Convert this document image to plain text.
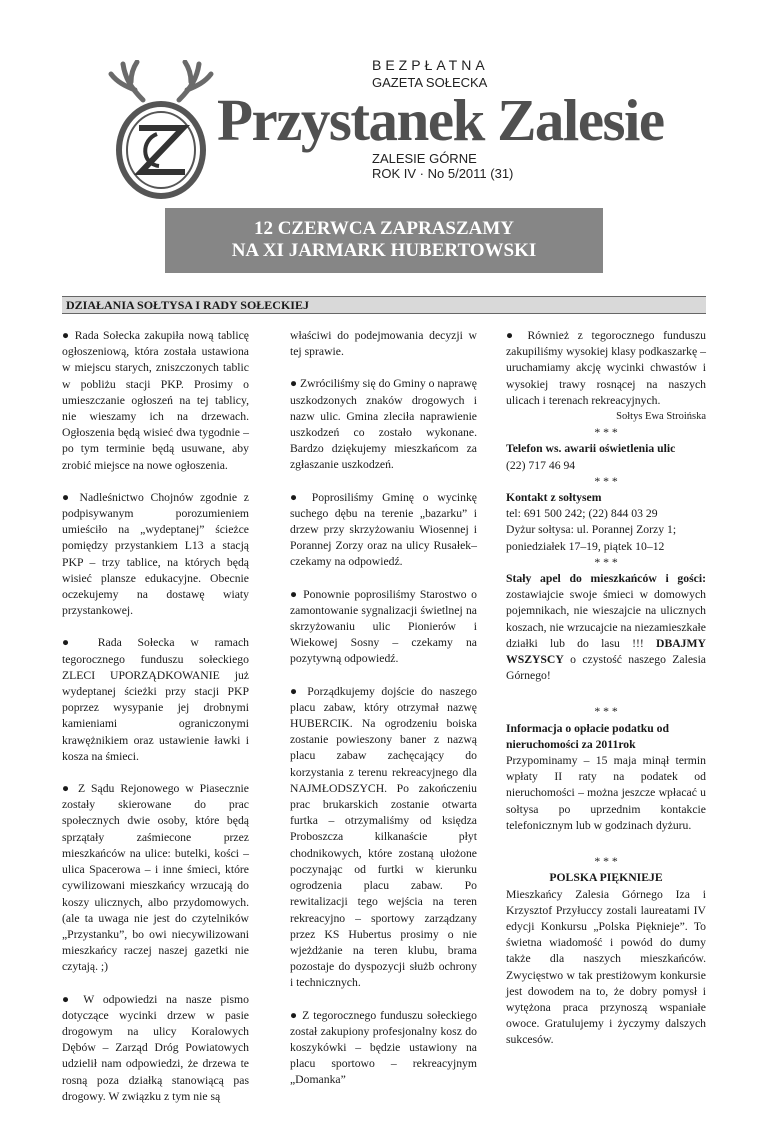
BEZPŁATNA
GAZETA SOŁECKA
Przystanek Zalesie
ZALESIE GÓRNE
ROK IV · No 5/2011 (31)
12 CZERWCA ZAPRASZAMY
NA XI JARMARK HUBERTOWSKI
DZIAŁANIA SOŁTYSA I RADY SOŁECKIEJ

● Rada Sołecka zakupiła nową tablicę ogłoszeniową, która została ustawiona w miejscu starych, zniszczonych tablic w pobliżu stacji PKP. Prosimy o umieszczanie ogłoszeń na tej tablicy, nie wieszamy ich na drzewach. Ogłoszenia będą wisieć dwa tygodnie – po tym terminie będą usuwane, aby zrobić miejsce na nowe ogłoszenia.

● Nadleśnictwo Chojnów zgodnie z podpisywanym porozumieniem umieściło na „wydeptanej” ścieżce pomiędzy przystankiem L13 a stacją PKP – trzy tablice, na których będą wisieć plansze edukacyjne. Obecnie oczekujemy na dostawę wiaty przystankowej.

● Rada Sołecka w ramach tegorocznego funduszu sołeckiego ZLECI UPORZĄDKOWANIE już wydeptanej ścieżki przy stacji PKP poprzez wysypanie jej drobnymi kamieniami ograniczonymi krawężnikiem oraz ustawienie ławki i kosza na śmieci.

● Z Sądu Rejonowego w Piasecznie zostały skierowane do prac społecznych dwie osoby, które będą sprzątały zaśmiecone przez mieszkańców na ulice: butelki, kości – ulica Spacerowa – i inne śmieci, które cywilizowani mieszkańcy wrzucają do koszy ulicznych, albo przydomowych. (ale ta uwaga nie jest do czytelników „Przystanku”, bo owi niecywilizowani mieszkańcy raczej naszej gazetki nie czytają. ;)

● W odpowiedzi na nasze pismo dotyczące wycinki drzew w pasie drogowym na ulicy Koralowych Dębów – Zarząd Dróg Powiatowych udzielił nam odpowiedzi, że drzewa te rosną poza działką stanowiącą pas drogowy. W związku z tym nie są

właściwi do podejmowania decyzji w tej sprawie.

● Zwróciliśmy się do Gminy o naprawę uszkodzonych znaków drogowych i nazw ulic. Gmina zleciła naprawienie uszkodzeń co zostało wykonane. Bardzo dziękujemy mieszkańcom za zgłaszanie uszkodzeń.

● Poprosiliśmy Gminę o wycinkę suchego dębu na terenie „bazarku” i drzew przy skrzyżowaniu Wiosennej i Porannej Zorzy oraz na ulicy Rusałek– czekamy na odpowiedź.

● Ponownie poprosiliśmy Starostwo o zamontowanie sygnalizacji świetlnej na skrzyżowaniu ulic Pionierów i Wiekowej Sosny – czekamy na pozytywną odpowiedź.

● Porządkujemy dojście do naszego placu zabaw, który otrzymał nazwę HUBERCIK. Na ogrodzeniu boiska zostanie powieszony baner z nazwą placu zabaw zachęcający do korzystania z terenu rekreacyjnego dla NAJMŁODSZYCH. Po zakończeniu prac brukarskich zostanie otwarta furtka – otrzymaliśmy od księdza Proboszcza kilkanaście płyt chodnikowych, które zostaną ułożone poczynając od furtki w kierunku ogrodzenia placu zabaw. Po rewitalizacji tego wejścia na teren rekreacyjno – sportowy zarządzany przez KS Hubertus prosimy o nie wjeżdżanie na teren klubu, brama pozostaje do dyspozycji służb ochrony i technicznych.

● Z tegorocznego funduszu sołeckiego został zakupiony profesjonalny kosz do koszykówki – będzie ustawiony na placu sportowo – rekreacyjnym „Domanka”

● Również z tegorocznego funduszu zakupiliśmy wysokiej klasy podkaszarkę – uruchamiamy akcję wycinki chwastów i wysokiej trawy rosnącej na naszych ulicach i terenach rekreacyjnych.

Sołtys Ewa Stroińska

* * *

Telefon ws. awarii oświetlenia ulic

(22) 717 46 94

* * *

Kontakt z sołtysem

tel: 691 500 242; (22) 844 03 29

Dyżur sołtysa: ul. Porannej Zorzy 1;

poniedziałek 17–19, piątek 10–12

* * *

Stały apel do mieszkańców i gości: zostawiajcie swoje śmieci w domowych pojemnikach, nie wieszajcie na ulicznych koszach, nie wrzucajcie na niezamieszkałe działki lub do lasu !!! DBAJMY WSZYSCY o czystość naszego Zalesia Górnego!

* * *

Informacja o opłacie podatku od nieruchomości za 2011rok

Przypominamy – 15 maja minął termin wpłaty II raty na podatek od nieruchomości – można jeszcze wpłacać u sołtysa po uprzednim kontakcie telefonicznym lub w godzinach dyżuru.

* * *

POLSKA PIĘKNIEJE

Mieszkańcy Zalesia Górnego Iza i Krzysztof Przyłuccy zostali laureatami IV edycji Konkursu „Polska Pięknieje”. To świetna wiadomość i powód do dumy także dla naszych mieszkańców. Zwycięstwo w tak prestiżowym konkursie jest dowodem na to, że dobry pomysł i wytężona praca przynoszą wspaniałe owoce. Gratulujemy i życzymy dalszych sukcesów.
